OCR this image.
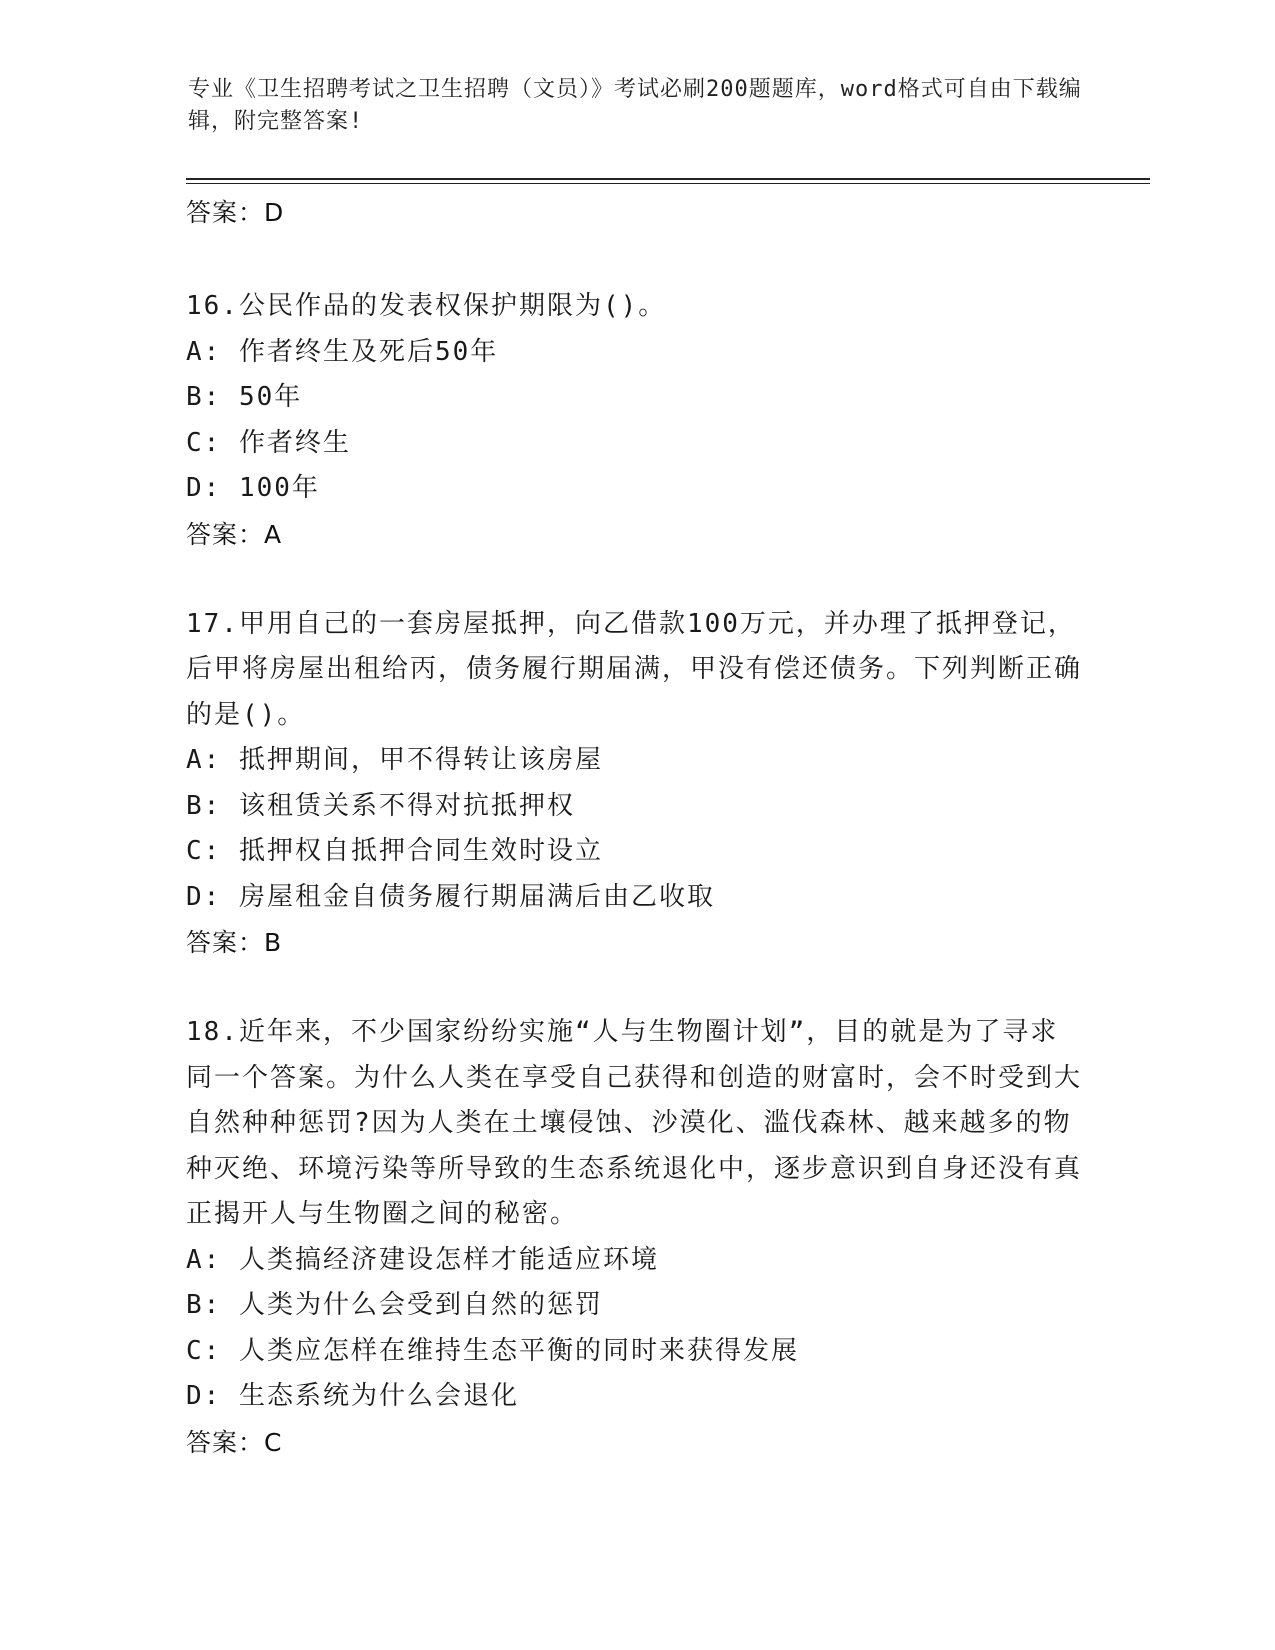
专业《卫生招聘考试之卫生招聘（文员）》考试必刷200题题库，word格式可自由下载编辑，附完整答案!
答案：D

16.公民作品的发表权保护期限为()。

A: 作者终生及死后50年
B: 50年
C: 作者终生
D: 100年
答案：A

17.甲用自己的一套房屋抵押，向乙借款100万元，并办理了抵押登记，后甲将房屋出租给丙，债务履行期届满，甲没有偿还债务。下列判断正确的是()。

A: 抵押期间，甲不得转让该房屋
B: 该租赁关系不得对抗抵押权
C: 抵押权自抵押合同生效时设立
D: 房屋租金自债务履行期届满后由乙收取
答案：B

18.近年来，不少国家纷纷实施“人与生物圈计划”，目的就是为了寻求同一个答案。为什么人类在享受自己获得和创造的财富时，会不时受到大自然种种惩罚?因为人类在土壤侵蚀、沙漠化、滥伐森林、越来越多的物种灭绝、环境污染等所导致的生态系统退化中，逐步意识到自身还没有真正揭开人与生物圈之间的秘密。

A: 人类搞经济建设怎样才能适应环境
B: 人类为什么会受到自然的惩罚
C: 人类应怎样在维持生态平衡的同时来获得发展
D: 生态系统为什么会退化
答案：C
